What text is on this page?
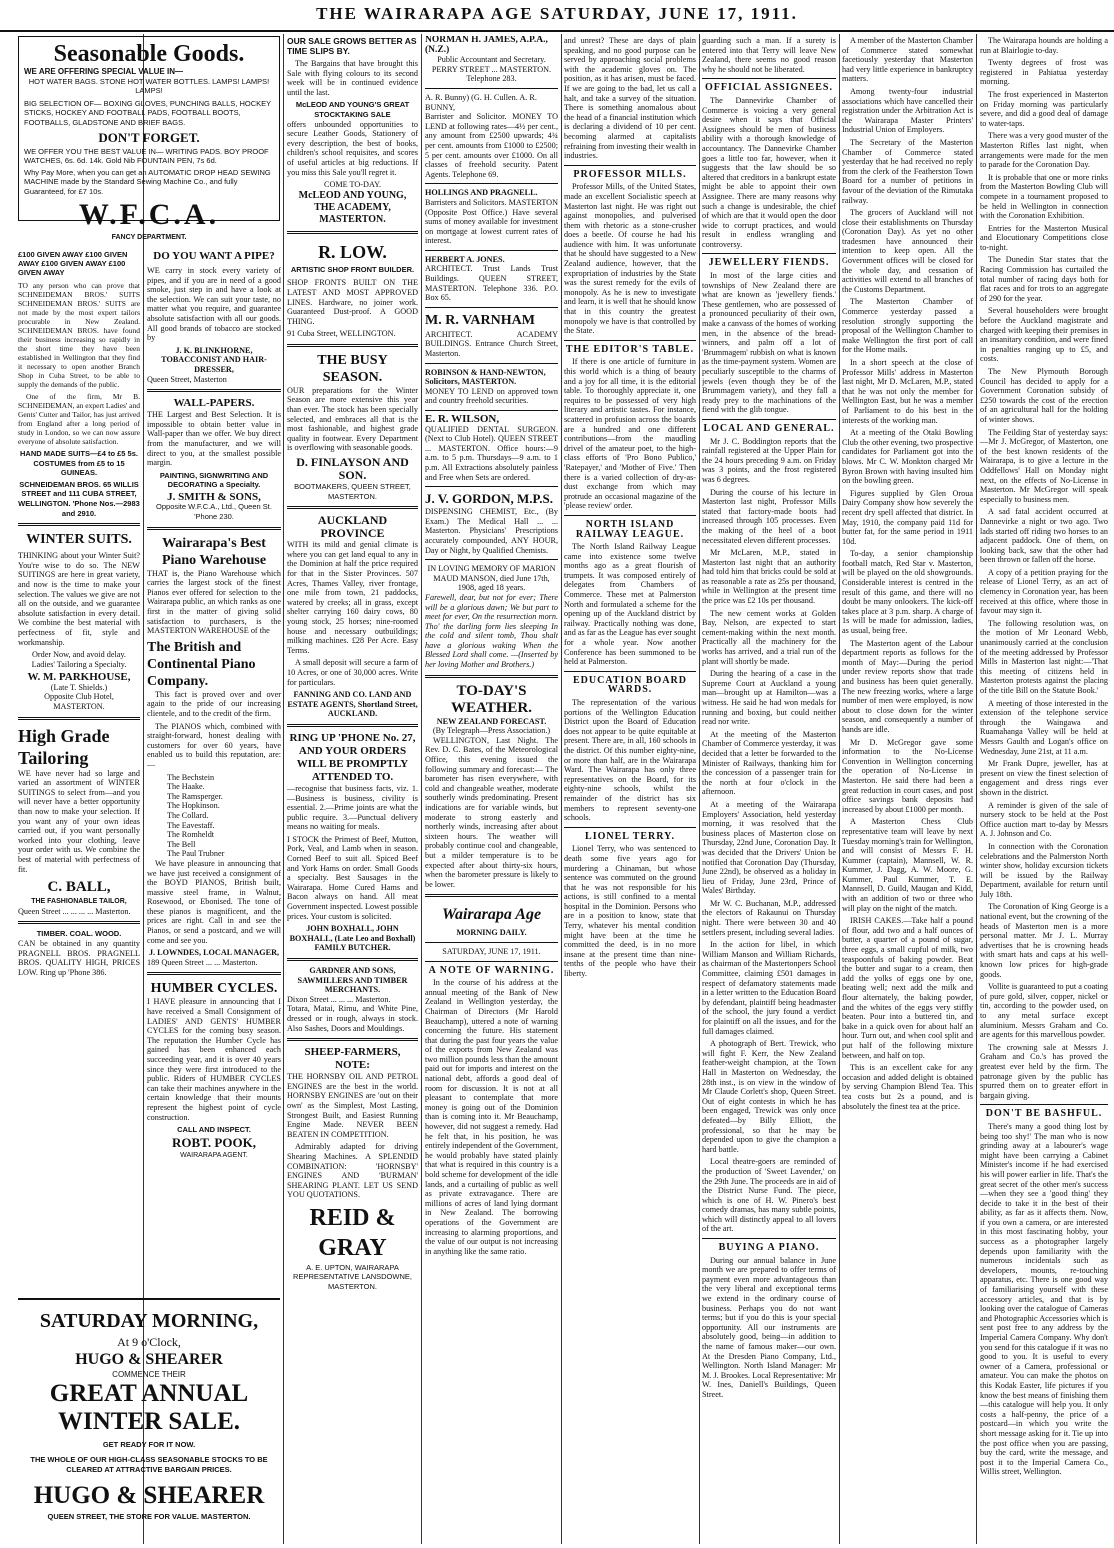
THE WAIRARAPA AGE SATURDAY, JUNE 17, 1911.
Seasonable Goods.
WE ARE OFFERING SPECIAL VALUE IN—
HOT WATER BAGS. STONE HOT WATER BOTTLES. LAMPS! LAMPS! LAMPS!
BIG SELECTION OF— BOXING GLOVES, PUNCHING BALLS, HOCKEY STICKS, HOCKEY AND FOOTBALL PADS, FOOTBALL BOOTS, FOOTBALLS, GLADSTONE AND BRIEF BAGS.
DON'T FORGET.
WE OFFER YOU THE BEST VALUE IN— WRITING PADS. BOY PROOF WATCHES, 6s. 6d. 14k. Gold Nib FOUNTAIN PEN, 7s 6d.
Why Pay More, when you can get an AUTOMATIC DROP HEAD SEWING MACHINE made by the Standard Sewing Machine Co., and fully Guaranteed, for £7 10s.
W.F.C.A.
FANCY DEPARTMENT.
£100 GIVEN AWAY £100 GIVEN AWAY £100 GIVEN AWAY £100 GIVEN AWAY

TO any person who can prove that SCHNEIDEMAN BROS.' SUITS SCHNEIDEMAN BROS.' SUITS are not made by the most expert tailors procurable in New Zealand. SCHNEIDEMAN BROS. have found their business increasing so rapidly in the short time they have been established in Wellington that they find it necessary to open another Branch Shop in Cuba Street, to be able to supply the demands of the public.

One of the firm, Mr B. SCHNEIDEMAN, an expert Ladies' and Gents' Cutter and Tailor, has just arrived from England after a long period of study in London, so we can now assure everyone of absolute satisfaction.

HAND MADE SUITS—£4 to £5 5s. COSTUMES from £5 to 15 GUINEAS.
SCHNEIDEMAN BROS. 65 WILLIS STREET and 111 CUBA STREET, WELLINGTON. 'Phone Nos.—2983 and 2910.
WINTER SUITS.

THINKING about your Winter Suit? You're wise to do so. The NEW SUITINGS are here in great variety, and now is the time to make your selection. The values we give are not all on the outside, and we guarantee absolute satisfaction in every detail. We combine the best material with perfectness of fit, style and workmanship.

Order Now, and avoid delay.
Ladies' Tailoring a Specialty.
W. M. PARKHOUSE,
(Late T. Shields.)
Opposite Club Hotel, MASTERTON.
High Grade Tailoring

WE have never had so large and varied an assortment of WINTER SUITINGS to select from—and you will never have a better opportunity than now to make your selection. If you want any of your own ideas carried out, if you want personally worked into your clothing, leave your order with us. We combine the best of material with perfectness of fit.

C. BALL,
THE FASHIONABLE TAILOR,
Queen Street ... ... ... ... Masterton.
TIMBER. COAL. WOOD.

CAN be obtained in any quantity PRAGNELL BROS. PRAGNELL BROS. QUALITY HIGH, PRICES LOW. Ring up 'Phone 386.

SATURDAY MORNING,
At 9 o'Clock,
HUGO & SHEARER
COMMENCE THEIR
GREAT ANNUAL WINTER SALE.
GET READY FOR IT NOW.
THE WHOLE OF OUR HIGH-CLASS SEASONABLE STOCKS TO BE CLEARED AT ATTRACTIVE BARGAIN PRICES.
HUGO & SHEARER
QUEEN STREET, THE STORE FOR VALUE. MASTERTON.
DO YOU WANT A PIPE?

WE carry in stock every variety of pipes, and if you are in need of a good smoke, just step in and have a look at the selection. We can suit your taste, no matter what you require, and guarantee absolute satisfaction with all our goods. All good brands of tobacco are stocked by

J. K. BLINKHORNE, TOBACCONIST AND HAIR-DRESSER,
Queen Street, Masterton
WALL-PAPERS.

THE Largest and Best Selection. It is impossible to obtain better value in Wall-paper than we offer. We buy direct from the manufacturer, and we will direct to you, at the smallest possible margin.

PAINTING, SIGNWRITING AND DECORATING a Specialty.
J. SMITH & SONS,
Opposite W.F.C.A., Ltd., Queen St. 'Phone 230.
Wairarapa's Best Piano Warehouse

THAT is, the Piano Warehouse which carries the largest stock of the finest Pianos ever offered for selection to the Wairarapa public, an which ranks as one first in the matter of giving solid satisfaction to purchasers, is the MASTERTON WAREHOUSE of the

The British and Continental Piano Company.

This fact is proved over and over again to the pride of our increasing clientele, and to the credit of the firm.

The PIANOS which, combined with straight-forward, honest dealing with customers for over 60 years, have enabled us to build this reputation, are:—

The Bechstein
The Haake.
The Ramsperger.
The Hopkinson.
The Collard.
The Eavestaff.
The Romheldt
The Bell
The Paul Trubner

We have pleasure in announcing that we have just received a consignment of the BOYD PIANOS, British built, massive steel frame, in Walnut, Rosewood, or Ebonised. The tone of these pianos is magnificent, and the prices are right. Call in and see the Pianos, or send a postcard, and we will come and see you.

J. LOWNDES, LOCAL MANAGER,
189 Queen Street ... ... Masterton.
HUMBER CYCLES.

I HAVE pleasure in announcing that I have received a Small Consignment of LADIES' AND GENTS' HUMBER CYCLES for the coming busy season. The reputation the Humber Cycle has gained has been enhanced each succeeding year, and it is over 40 years since they were first introduced to the public. Riders of HUMBER CYCLES can take their machines anywhere in the certain knowledge that their mounts represent the highest point of cycle construction.

CALL AND INSPECT.
ROBT. POOK,
WAIRARAPA AGENT.
OUR SALE GROWS BETTER AS TIME SLIPS BY.

The Bargains that have brought this Sale with flying colours to its second week will be in continued evidence until the last.

McLEOD AND YOUNG'S GREAT STOCKTAKING SALE

offers unbounded opportunities to secure Leather Goods, Stationery of every description, the best of books, children's school requisites, and scores of useful articles at big reductions. If you miss this Sale you'll regret it.

COME TO-DAY.
McLEOD AND YOUNG, THE ACADEMY, MASTERTON.
R. LOW.
ARTISTIC SHOP FRONT BUILDER.

SHOP FRONTS BUILT ON THE LATEST AND MOST APPROVED LINES. Hardware, no joiner work. Guaranteed Dust-proof. A GOOD THING.

91 Cuba Street, WELLINGTON.
THE BUSY SEASON.

OUR preparations for the Winter Season are more extensive this year than ever. The stock has been specially selected, and embraces all that is the most fashionable, and highest grade quality in footwear. Every Department is overflowing with seasonable goods.

D. FINLAYSON AND SON.
BOOTMAKERS, QUEEN STREET, MASTERTON.
AUCKLAND PROVINCE

WITH its mild and genial climate is where you can get land equal to any in the Dominion at half the price required for that in the Sister Provinces. 507 Acres, Thames Valley, river frontage, one mile from town, 21 paddocks, watered by creeks; all in grass, except shelter carrying 160 dairy cows, 80 young stock, 25 horses; nine-roomed house and necessary outbuildings; milking machines. £28 Per Acre. Easy Terms.

A small deposit will secure a farm of 10 Acres, or one of 30,000 acres. Write for particulars.

FANNING AND CO. LAND AND ESTATE AGENTS, Shortland Street, AUCKLAND.
RING UP 'PHONE No. 27, AND YOUR ORDERS WILL BE PROMPTLY ATTENDED TO.

—recognise that business facts, viz. 1.—Business is business, civility is essential. 2.—Prime joints are what the public require. 3.—Punctual delivery means no waiting for meals.

I STOCK the Primest of Beef, Mutton, Pork, Veal, and Lamb when in season. Corned Beef to suit all. Spiced Beef and York Hams on order. Small Goods a specialty. Best Sausages in the Wairarapa. Home Cured Hams and Bacon always on hand. All meat Government inspected. Lowest possible prices. Your custom is solicited.

JOHN BOXHALL, JOHN BOXHALL, (Late Leo and Boxhall) FAMILY BUTCHER.
GARDNER AND SONS, SAWMILLERS AND TIMBER MERCHANTS.
Dixon Street ... ... ... Masterton.

Totara, Matai, Rimu, and White Pine, dressed or in rough, always in stock. Also Sashes, Doors and Mouldings.

SHEEP-FARMERS, NOTE:

THE HORNSBY OIL AND PETROL ENGINES are the best in the world. HORNSBY ENGINES are 'out on their own' as the Simplest, Most Lasting, Strongest Built, and Easiest Running Engine Made. NEVER BEEN BEATEN IN COMPETITION.

Admirably adapted for driving Shearing Machines. A SPLENDID COMBINATION: 'HORNSBY' ENGINES AND 'BURMAN' SHEARING PLANT. LET US SEND YOU QUOTATIONS.

REID & GRAY
A. E. UPTON, WAIRARAPA REPRESENTATIVE LANSDOWNE, MASTERTON.
NORMAN H. JAMES, A.P.A., (N.Z.)
Public Accountant and Secretary. PERRY STREET ... MASTERTON. Telephone 283.
A. R. Bunny) (G. H. Cullen. A. R. BUNNY,

Barrister and Solicitor. MONEY TO LEND at following rates—4½ per cent., any amount from £2500 upwards; 4¾ per cent. amounts from £1000 to £2500; 5 per cent. amounts over £1000. On all classes of freehold security. Patent Agents. Telephone 69.

HOLLINGS AND PRAGNELL.

Barristers and Solicitors. MASTERTON (Opposite Post Office.) Have several sums of money available for investment on mortgage at lowest current rates of interest.

HERBERT A. JONES.

ARCHITECT. Trust Lands Trust Buildings. QUEEN STREET, MASTERTON. Telephone 336. P.O. Box 65.

M. R. VARNHAM

ARCHITECT. ACADEMY BUILDINGS. Entrance Church Street, Masterton.

ROBINSON & HAND-NEWTON, Solicitors, MASTERTON.

MONEY TO LEND on approved town and country freehold securities.

E. R. WILSON,

QUALIFIED DENTAL SURGEON. (Next to Club Hotel). QUEEN STREET ... MASTERTON. Office hours:—9 a.m. to 5 p.m. Thursdays—9 a.m. to 1 p.m. All Extractions absolutely painless and Free when Sets are ordered.

J. V. GORDON, M.P.S.

DISPENSING CHEMIST, Etc., (By Exam.) The Medical Hall ... ... Masterton. Physicians' Prescriptions accurately compounded, ANY HOUR, Day or Night, by Qualified Chemists.

IN LOVING MEMORY OF MARION MAUD MANSON, died June 17th, 1908, aged 18 years.

Farewell, dear, but not for ever; There will be a glorious dawn; We but part to meet for ever, On the resurrection morn. Tho' the darling form lies sleeping In the cold and silent tomb, Thou shalt have a glorious waking When the Blessed Lord shall come. —(Inserted by her loving Mother and Brothers.)

TO-DAY'S WEATHER.
NEW ZEALAND FORECAST.
(By Telegraph—Press Association.)

WELLINGTON, Last Night. The Rev. D. C. Bates, of the Meteorological Office, this evening issued the following summary and forecast:— The barometer has risen everywhere, with cold and changeable weather, moderate southerly winds predominating. Present indications are for variable winds, but moderate to strong easterly and northerly winds, increasing after about sixteen hours. The weather will probably continue cool and changeable, but a milder temperature is to be expected after about thirty-six hours, when the barometer pressure is likely to be lower.

Wairarapa Age
MORNING DAILY.
SATURDAY, JUNE 17, 1911.
A NOTE OF WARNING.

In the course of his address at the annual meeting of the Bank of New Zealand in Wellington yesterday, the Chairman of Directors (Mr Harold Beauchamp), uttered a note of warning concerning the future. His statement that during the past four years the value of the exports from New Zealand was two million pounds less than the amount paid out for imports and interest on the national debt, affords a good deal of room for discussion. It is not at all pleasant to contemplate that more money is going out of the Dominion than is coming into it. Mr Beauchamp, however, did not suggest a remedy. Had he felt that, in his position, he was entirely independent of the Government, he would probably have stated plainly that what is required in this country is a bold scheme for development of the idle lands, and a curtailing of public as well as private extravagance. There are millions of acres of land lying dormant in New Zealand. The borrowing operations of the Government are increasing to alarming proportions, and the value of our output is not increasing in anything like the same ratio.

and unrest? These are days of plain speaking, and no good purpose can be served by approaching social problems with the academic gloves on. The position, as it has arisen, must be faced. If we are going to the bad, let us call a halt, and take a survey of the situation. There is something anomalous about the head of a financial institution which is declaring a dividend of 10 per cent. becoming alarmed at capitalists refraining from investing their wealth in industries.

PROFESSOR MILLS.

Professor Mills, of the United States, made an excellent Socialistic speech at Masterton last night. He was right out against monopolies, and pulverised them with rhetoric as a stone-crusher does a beetle. Of course he had his audience with him. It was unfortunate that he should have suggested to a New Zealand audience, however, that the expropriation of industries by the State was the surest remedy for the evils of monopoly. As he is new to investigate and learn, it is well that he should know that in this country the greatest monopoly we have is that controlled by the State.

THE EDITOR'S TABLE.

If there is one article of furniture in this world which is a thing of beauty and a joy for all time, it is the editorial table. To thoroughly appreciate it, one requires to be possessed of very high literary and artistic tastes. For instance, scattered in profusion across the boards are a hundred and one different contributions—from the maudling drivel of the amateur poet, to the high-class efforts of 'Pro Bono Publico,' 'Ratepayer,' and 'Mother of Five.' Then there is a varied collection of dry-as-dust exchange from which may protrude an occasional magazine of the 'please review' order.

NORTH ISLAND RAILWAY LEAGUE.

The North Island Railway League came into existence some twelve months ago as a great flourish of trumpets. It was composed entirely of delegates from Chambers of Commerce. These met at Palmerston North and formulated a scheme for the opening up of the Auckland district by railway. Practically nothing was done, and as far as the League has ever sought for a whole year. Now another Conference has been summoned to be held at Palmerston.

EDUCATION BOARD WARDS.

The representation of the various portions of the Wellington Education District upon the Board of Education does not appear to be quite equitable at present. There are, in all, 160 schools in the district. Of this number eighty-nine, or more than half, are in the Wairarapa Ward. The Wairarapa has only three representatives on the Board, for its eighty-nine schools, whilst the remainder of the district has six members to represent seventy-one schools.

LIONEL TERRY.

Lionel Terry, who was sentenced to death some five years ago for murdering a Chinaman, but whose sentence was commuted on the ground that he was not responsible for his actions, is still confined to a mental hospital in the Dominion. Persons who are in a position to know, state that Terry, whatever his mental condition might have been at the time he committed the deed, is in no more insane at the present time than nine-tenths of the people who have their liberty.

guarding such a man. If a surety is entered into that Terry will leave New Zealand, there seems no good reason why he should not be liberated.

OFFICIAL ASSIGNEES.

The Dannevirke Chamber of Commerce is voicing a very general desire when it says that Official Assignees should be men of business ability with a thorough knowledge of accountancy. The Dannevirke Chamber goes a little too far, however, when it suggests that the law should be so altered that creditors in a bankrupt estate might be able to appoint their own Assignee. There are many reasons why such a change is undesirable, the chief of which are that it would open the door wide to corrupt practices, and would result in endless wrangling and controversy.

JEWELLERY FIENDS.

In most of the large cities and townships of New Zealand there are what are known as 'jewellery fiends.' These gentlemen, who are possessed of a pronounced peculiarity of their own, make a canvass of the homes of working men, in the absence of the bread-winners, and palm off a lot of 'Brummagem' rubbish on what is known as the time-payment system. Women are peculiarly susceptible to the charms of jewels (even though they be of the Brummagem variety), and they fall a ready prey to the machinations of the fiend with the glib tongue.

LOCAL AND GENERAL.

Mr J. C. Boddington reports that the rainfall registered at the Upper Plain for the 24 hours preceding 9 a.m. on Friday was 3 points, and the frost registered was 6 degrees.

During the course of his lecture in Masterton last night, Professor Mills stated that factory-made boots had increased through 105 processes. Even the making of the heel of a boot necessitated eleven different processes.

Mr McLaren, M.P., stated in Masterton last night that an authority had told him that bricks could be sold at as reasonable a rate as 25s per thousand, while in Wellington at the present time the price was £2 10s per thousand.

The new cement works at Golden Bay, Nelson, are expected to start cement-making within the next month. Practically all the machinery for the works has arrived, and a trial run of the plant will shortly be made.

During the hearing of a case in the Supreme Court at Auckland a young man—brought up at Hamilton—was a witness. He said he had won medals for running and boxing, but could neither read nor write.

At the meeting of the Masterton Chamber of Commerce yesterday, it was decided that a letter be forwarded to the Minister of Railways, thanking him for the concession of a passenger train for the north at four o'clock in the afternoon.

At a meeting of the Wairarapa Employers' Association, held yesterday morning, it was resolved that the business places of Masterton close on Thursday, 22nd June, Coronation Day. It was decided that the Drivers' Union be notified that Coronation Day (Thursday, June 22nd), be observed as a holiday in lieu of Friday, June 23rd, Prince of Wales' Birthday.

Mr W. C. Buchanan, M.P., addressed the electors of Rakaunui on Thursday night. There were between 30 and 40 settlers present, including several ladies.

In the action for libel, in which William Manson and William Richards, as chairman of the Mastertonpers School Committee, claiming £501 damages in respect of defamatory statements made in a letter written to the Education Board by defendant, plaintiff being headmaster of the school, the jury found a verdict for plaintiff on all the issues, and for the full damages claimed.

A photograph of Bert. Trewick, who will fight F. Kerr, the New Zealand feather-weight champion, at the Town Hall in Masterton on Wednesday, the 28th inst., is on view in the window of Mr Claude Corlett's shop, Queen Street. Out of eight contests in which he has been engaged, Trewick was only once defeated—by Billy Elliott, the professional, so that he may be depended upon to give the champion a hard battle.

Local theatre-goers are reminded of the production of 'Sweet Lavender,' on the 29th June. The proceeds are in aid of the District Nurse Fund. The piece, which is one of H. W. Pinero's best comedy dramas, has many subtle points, which will distinctly appeal to all lovers of the art.

BUYING A PIANO.

During our annual balance in June month we are prepared to offer terms of payment even more advantageous than the very liberal and exceptional terms we extend in the ordinary course of business. Perhaps you do not want terms; but if you do this is your special opportunity. All our instruments are absolutely good, being—in addition to the name of famous maker—our own. At the Dresden Piano Company, Ltd., Wellington. North Island Manager: Mr M. J. Brookes. Local Representative: Mr W. Ines, Daniell's Buildings, Queen Street.

A member of the Masterton Chamber of Commerce stated somewhat facetiously yesterday that Masterton had very little experience in bankruptcy matters.

Among twenty-four industrial associations which have cancelled their registration under the Arbitration Act is the Wairarapa Master Printers' Industrial Union of Employers.

The Secretary of the Masterton Chamber of Commerce stated yesterday that he had received no reply from the clerk of the Featherston Town Board for a number of petitions in favour of the deviation of the Rimutaka railway.

The grocers of Auckland will not close their establishments on Thursday (Coronation Day). As yet no other tradesmen have announced their intention to keep open. All the Government offices will be closed for the whole day, and cessation of activities will extend to all branches of the Customs Department.

The Masterton Chamber of Commerce yesterday passed a resolution strongly supporting the proposal of the Wellington Chamber to make Wellington the first port of call for the Home mails.

In a short speech at the close of Professor Mills' address in Masterton last night, Mr D. McLaren, M.P., stated that he was not only the member for Wellington East, but he was a member of Parliament to do his best in the interests of the working man.

At a meeting of the Otaki Bowling Club the other evening, two prospective candidates for Parliament got into the blows. Mr C. W. Monkton charged Mr Byron Brown with having insulted him on the bowling green.

Figures supplied by Glen Oroua Dairy Company show how severely the recent dry spell affected that district. In May, 1910, the company paid 11d for butter fat, for the same period in 1911 10d.

To-day, a senior championship football match, Red Star v. Masterton, will be played on the old showgrounds. Considerable interest is centred in the result of this game, and there will no doubt be many onlookers. The kick-off takes place at 3 p.m. sharp. A charge of 1s will be made for admission, ladies, as usual, being free.

The Masterton agent of the Labour department reports as follows for the month of May:—During the period under review reports show that trade and business has been quiet generally. The new freezing works, where a large number of men were employed, is now about to close down for the winter season, and consequently a number of hands are idle.

Mr D. McGregor gave some information to the No-License Convention in Wellington concerning the operation of No-License in Masterton. He said there had been a great reduction in court cases, and post office savings bank deposits had increased by about £1000 per month.

A Masterton Chess Club representative team will leave by next Tuesday morning's train for Wellington, and will consist of Messrs F. H. Kummer (captain), Mannsell, W. R. Kummer, J. Dagg, A. W. Moore, G. Kummer, Paul Kummer, T. E. Mannsell, D. Guild, Maugan and Kidd, with an addition of two or three who will play on the night of the match.

IRISH CAKES.—Take half a pound of flour, add two and a half ounces of butter, a quarter of a pound of sugar, three eggs, a small cupful of milk, two teaspoonfuls of baking powder. Beat the butter and sugar to a cream, then add the yolks of eggs one by one, beating well; next add the milk and flour alternately, the baking powder, and the whites of the eggs very stiffly beaten. Pour into a buttered tin, and bake in a quick oven for about half an hour. Turn out, and when cool split and put half of the following mixture between, and half on top.

This is an excellent cake for any occasion and added delight is obtained by serving Champion Blend Tea. This tea costs but 2s a pound, and is absolutely the finest tea at the price.

The Wairarapa hounds are holding a run at Blairlogie to-day.

Twenty degrees of frost was registered in Pahiatua yesterday morning.

The frost experienced in Masterton on Friday morning was particularly severe, and did a good deal of damage to water-taps.

There was a very good muster of the Masterton Rifles last night, when arrangements were made for the men to parade for the Coronation Day.

It is probable that one or more rinks from the Masterton Bowling Club will compete in a tournament proposed to be held in Wellington in connection with the Coronation Exhibition.

Entries for the Masterton Musical and Elocutionary Competitions close to-night.

The Dunedin Star states that the Racing Commission has curtailed the total number of racing days both for flat races and for trots to an aggregate of 290 for the year.

Several householders were brought before the Auckland magistrate and charged with keeping their premises in an insanitary condition, and were fined in penalties ranging up to £5, and costs.

The New Plymouth Borough Council has decided to apply for a Government Coronation subsidy of £250 towards the cost of the erection of an agricultural hall for the holding of winter shows.

The Feilding Star of yesterday says:—Mr J. McGregor, of Masterton, one of the best known residents of the Wairarapa, is to give a lecture in the Oddfellows' Hall on Monday night next, on the effects of No-License in Masterton. Mr McGregor will speak especially to business men.

A sad fatal accident occurred at Dannevirke a night or two ago. Two lads started off riding two horses to an adjacent paddock. One of them, on looking back, saw that the other had been thrown or fallen off the horse.

A copy of a petition praying for the release of Lionel Terry, as an act of clemency in Coronation year, has been received at this office, where those in favour may sign it.

The following resolution was, on the motion of Mr Leonard Webb, unanimously carried at the conclusion of the meeting addressed by Professor Mills in Masterton last night:—'That this meeting of citizens held in Masterton protests against the placing of the title Bill on the Statute Book.'

A meeting of those interested in the extension of the telephone service through the Waingawa and Ruamahanga Valley will be held at Messrs Gaulth and Logan's office on Wednesday, June 21st, at 11 a.m.

Mr Frank Dupre, jeweller, has at present on view the finest selection of engagement and dress rings ever shown in the district.

A reminder is given of the sale of nursery stock to be held at the Post Office auction mart to-day by Messrs A. J. Johnson and Co.

In connection with the Coronation celebrations and the Palmerston North winter show, holiday excursion tickets will be issued by the Railway Department, available for return until July 18th.

The Coronation of King George is a national event, but the crowning of the heads of Masterton men is a more personal matter. Mr J. L. Murray advertises that he is crowning heads with smart hats and caps at his well-known low prices for high-grade goods.

Vollite is guaranteed to put a coating of pure gold, silver, copper, nickel or tin, according to the powder used, on to any metal surface except aluminium. Messrs Graham and Co. are agents for this marvellous powder.

The crowning sale at Messrs J. Graham and Co.'s has proved the greatest ever held by the firm. The patronage given by the public has spurred them on to greater effort in bargain giving.

DON'T BE BASHFUL.

There's many a good thing lost by being too shy!' The man who is now grinding away at a labourer's wage might have been carrying a Cabinet Minister's income if he had exercised his will power earlier in life. That's the great secret of the other men's success—when they see a 'good thing' they decide to take it in the best of their ability, as far as it affects them. Now, if you own a camera, or are interested in this most fascinating hobby, your success as a photographer largely depends upon familiarity with the numerous incidentals such as developers, mounts, re-touching apparatus, etc. There is one good way of familiarising yourself with these accessory articles, and that is by looking over the catalogue of Cameras and Photographic Accessories which is sent post free to any address by the Imperial Camera Company. Why don't you send for this catalogue if it was no good to you. It is useful to every owner of a Camera, professional or amateur. You can make the photos on this Kodak Easter, life pictures if you know the best means of finishing them—this catalogue will help you. It only costs a half-penny, the price of a postcard—in which you write the short message asking for it. Tie up into the post office when you are passing, buy the card, write the message, and post it to the Imperial Camera Co., Willis street, Wellington.
